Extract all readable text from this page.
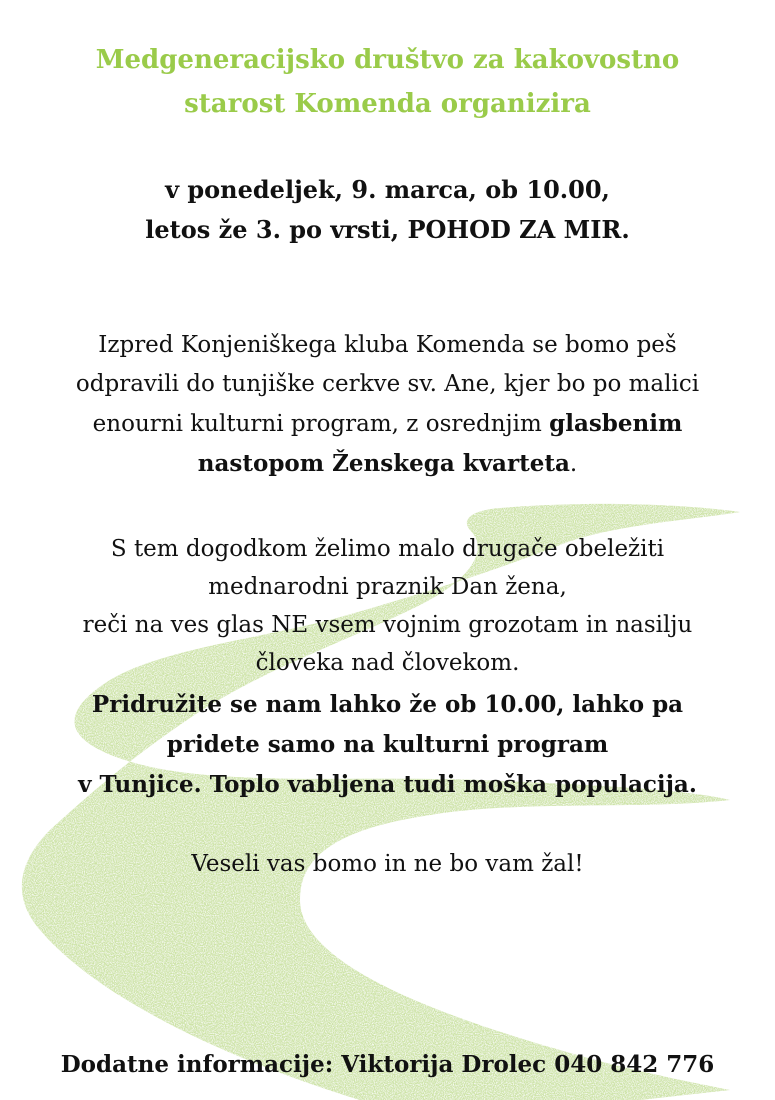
Medgeneracijsko društvo za kakovostno
starost Komenda organizira
v ponedeljek, 9. marca, ob 10.00,
letos že 3. po vrsti, POHOD ZA MIR.

Izpred Konjeniškega kluba Komenda se bomo peš
odpravili do tunjiške cerkve sv. Ane, kjer bo po malici
enourni kulturni program, z osrednjim glasbenim
nastopom Ženskega kvarteta.

S tem dogodkom želimo malo drugače obeležiti
mednarodni praznik Dan žena,
reči na ves glas NE vsem vojnim grozotam in nasilju
človeka nad človekom.

Pridružite se nam lahko že ob 10.00, lahko pa
pridete samo na kulturni program
v Tunjice. Toplo vabljena tudi moška populacija.

Veseli vas bomo in ne bo vam žal!

Dodatne informacije: Viktorija Drolec 040 842 776
